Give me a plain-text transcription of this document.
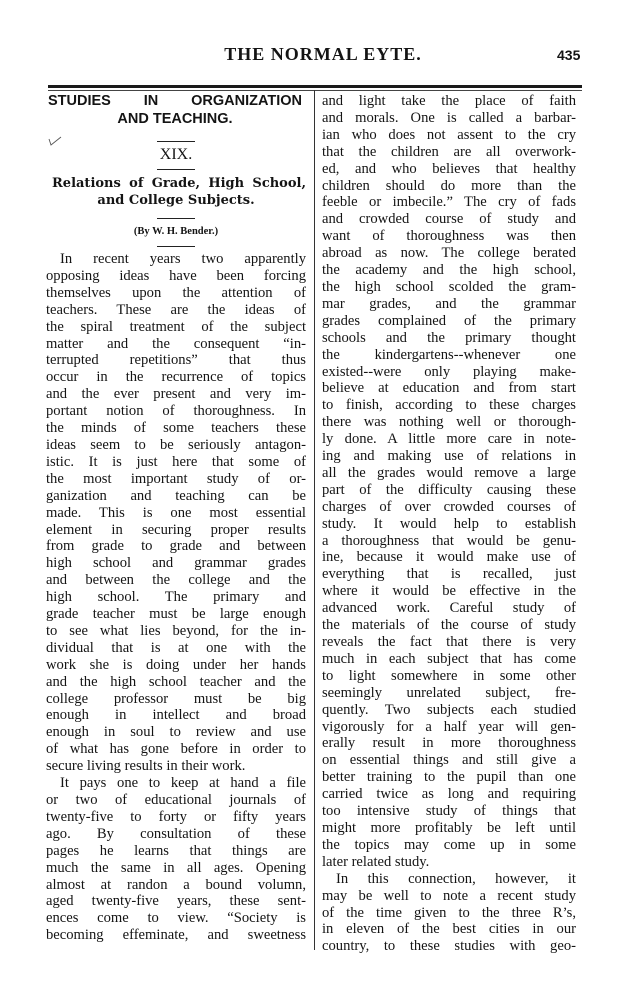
THE NORMAL EYTE.	435
STUDIES IN ORGANIZATION
AND TEACHING.
XIX.
Relations of Grade, High School,
and College Subjects.
(By W. H. Bender.)
In recent years two apparently
opposing ideas have been forcing
themselves upon the attention of
teachers. These are the ideas of
the spiral treatment of the subject
matter and the consequent “in-
terrupted repetitions” that thus
occur in the recurrence of topics
and the ever present and very im-
portant notion of thoroughness. In
the minds of some teachers these
ideas seem to be seriously antagon-
istic. It is just here that some of
the most important study of or-
ganization and teaching can be
made. This is one most essential
element in securing proper results
from grade to grade and between
high school and grammar grades
and between the college and the
high school. The primary and
grade teacher must be large enough
to see what lies beyond, for the in-
dividual that is at one with the
work she is doing under her hands
and the high school teacher and the
college professor must be big
enough in intellect and broad
enough in soul to review and use
of what has gone before in order to
secure living results in their work.
It pays one to keep at hand a file
or two of educational journals of
twenty-five to forty or fifty years
ago. By consultation of these
pages he learns that things are
much the same in all ages. Opening
almost at randon a bound volumn,
aged twenty-five years, these sent-
ences come to view. “Society is
becoming effeminate, and sweetness
and light take the place of faith
and morals. One is called a barbar-
ian who does not assent to the cry
that the children are all overwork-
ed, and who believes that healthy
children should do more than the
feeble or imbecile.” The cry of fads
and crowded course of study and
want of thoroughness was then
abroad as now. The college berated
the academy and the high school,
the high school scolded the gram-
mar grades, and the grammar
grades complained of the primary
schools and the primary thought
the kindergartens--whenever one
existed--were only playing make-
believe at education and from start
to finish, according to these charges
there was nothing well or thorough-
ly done. A little more care in note-
ing and making use of relations in
all the grades would remove a large
part of the difficulty causing these
charges of over crowded courses of
study. It would help to establish
a thoroughness that would be genu-
ine, because it would make use of
everything that is recalled, just
where it would be effective in the
advanced work. Careful study of
the materials of the course of study
reveals the fact that there is very
much in each subject that has come
to light somewhere in some other
seemingly unrelated subject, fre-
quently. Two subjects each studied
vigorously for a half year will gen-
erally result in more thoroughness
on essential things and still give a
better training to the pupil than one
carried twice as long and requiring
too intensive study of things that
might more profitably be left until
the topics may come up in some
later related study.
In this connection, however, it
may be well to note a recent study
of the time given to the three R’s,
in eleven of the best cities in our
country, to these studies with geo-
